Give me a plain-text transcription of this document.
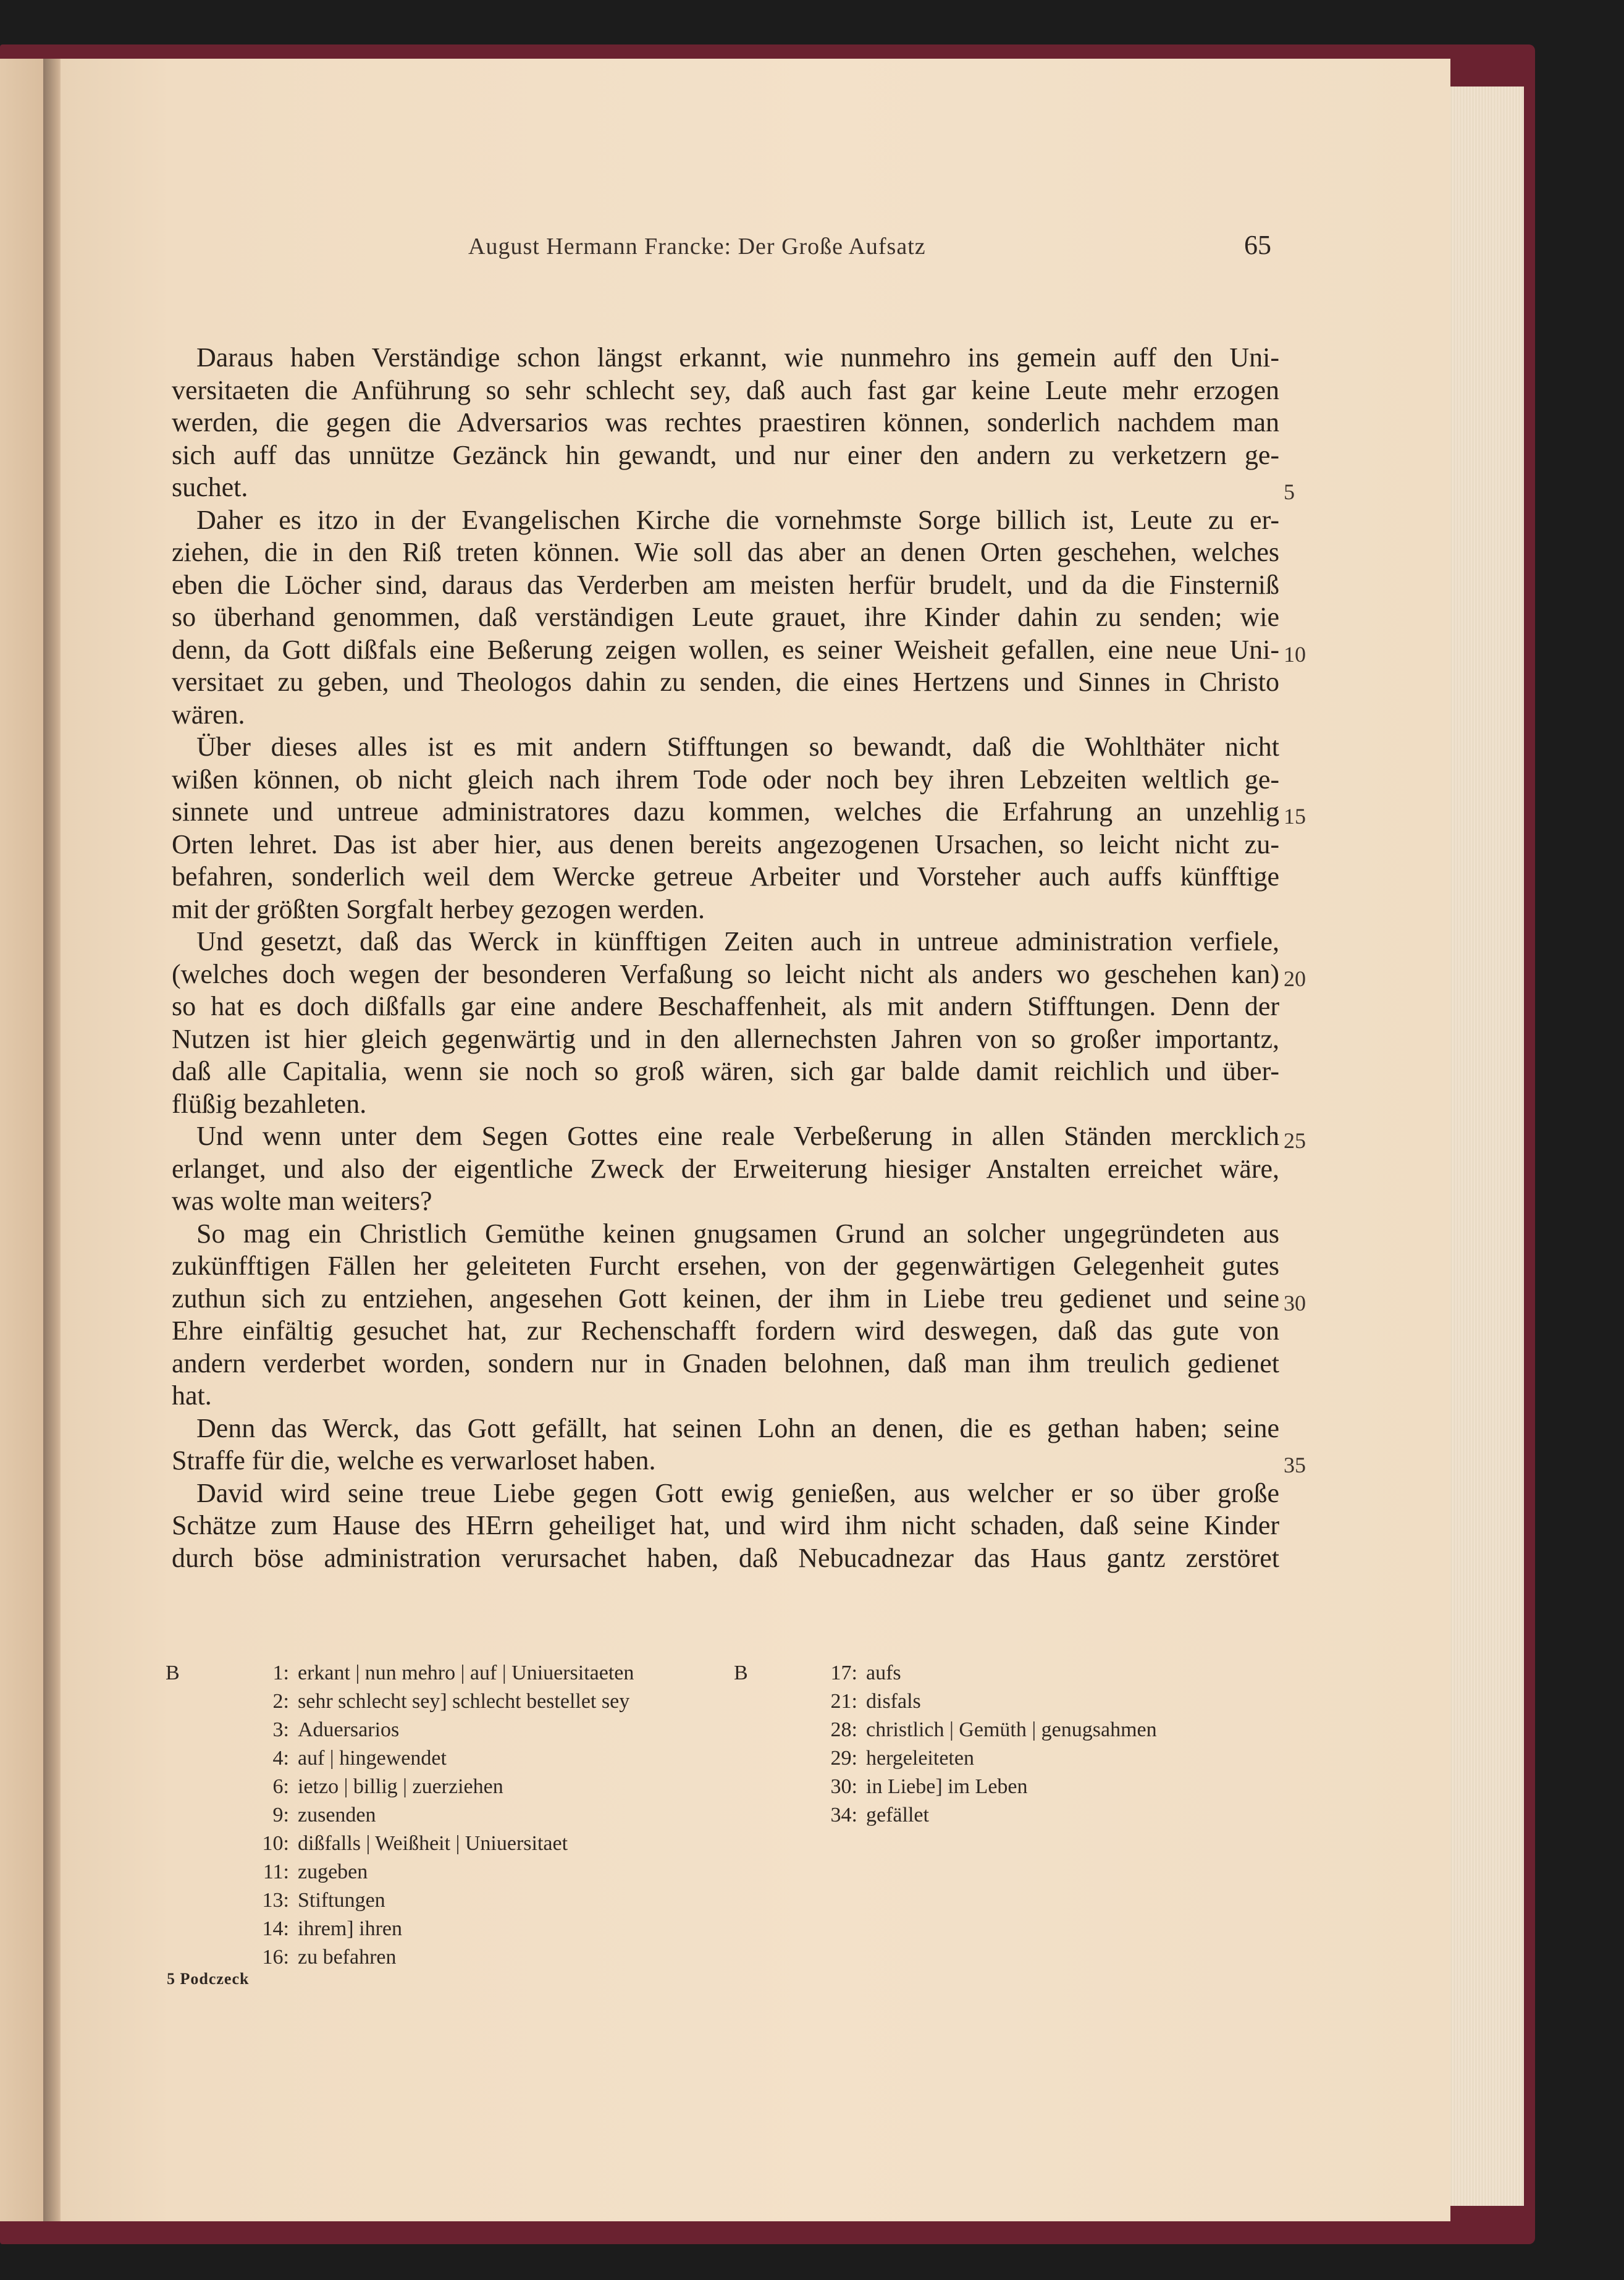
August Hermann Francke: Der Große Aufsatz	65
Daraus haben Verständige schon längst erkannt, wie nunmehro ins gemein auff den Uni-
versitaeten die Anführung so sehr schlecht sey, daß auch fast gar keine Leute mehr erzogen
werden, die gegen die Adversarios was rechtes praestiren können, sonderlich nachdem man
sich auff das unnütze Gezänck hin gewandt, und nur einer den andern zu verketzern ge-
suchet.
Daher es itzo in der Evangelischen Kirche die vornehmste Sorge billich ist, Leute zu er-
ziehen, die in den Riß treten können. Wie soll das aber an denen Orten geschehen, welches
eben die Löcher sind, daraus das Verderben am meisten herfür brudelt, und da die Finsterniß
so überhand genommen, daß verständigen Leute grauet, ihre Kinder dahin zu senden; wie
denn, da Gott dißfals eine Beßerung zeigen wollen, es seiner Weisheit gefallen, eine neue Uni-
versitaet zu geben, und Theologos dahin zu senden, die eines Hertzens und Sinnes in Christo
wären.
Über dieses alles ist es mit andern Stifftungen so bewandt, daß die Wohlthäter nicht
wißen können, ob nicht gleich nach ihrem Tode oder noch bey ihren Lebzeiten weltlich ge-
sinnete und untreue administratores dazu kommen, welches die Erfahrung an unzehlig
Orten lehret. Das ist aber hier, aus denen bereits angezogenen Ursachen, so leicht nicht zu-
befahren, sonderlich weil dem Wercke getreue Arbeiter und Vorsteher auch auffs künfftige
mit der größten Sorgfalt herbey gezogen werden.
Und gesetzt, daß das Werck in künfftigen Zeiten auch in untreue administration verfiele,
(welches doch wegen der besonderen Verfaßung so leicht nicht als anders wo geschehen kan)
so hat es doch dißfalls gar eine andere Beschaffenheit, als mit andern Stifftungen. Denn der
Nutzen ist hier gleich gegenwärtig und in den allernechsten Jahren von so großer importantz,
daß alle Capitalia, wenn sie noch so groß wären, sich gar balde damit reichlich und über-
flüßig bezahleten.
Und wenn unter dem Segen Gottes eine reale Verbeßerung in allen Ständen mercklich
erlanget, und also der eigentliche Zweck der Erweiterung hiesiger Anstalten erreichet wäre,
was wolte man weiters?
So mag ein Christlich Gemüthe keinen gnugsamen Grund an solcher ungegründeten aus
zukünfftigen Fällen her geleiteten Furcht ersehen, von der gegenwärtigen Gelegenheit gutes
zuthun sich zu entziehen, angesehen Gott keinen, der ihm in Liebe treu gedienet und seine
Ehre einfältig gesuchet hat, zur Rechenschafft fordern wird deswegen, daß das gute von
andern verderbet worden, sondern nur in Gnaden belohnen, daß man ihm treulich gedienet
hat.
Denn das Werck, das Gott gefällt, hat seinen Lohn an denen, die es gethan haben; seine
Straffe für die, welche es verwarloset haben.
David wird seine treue Liebe gegen Gott ewig genießen, aus welcher er so über große
Schätze zum Hause des HErrn geheiliget hat, und wird ihm nicht schaden, daß seine Kinder
durch böse administration verursachet haben, daß Nebucadnezar das Haus gantz zerstöret
5
10
15
20
25
30
35
B	1: erkant | nun mehro | auf | Uniuersitaeten
2: sehr schlecht sey] schlecht bestellet sey
3: Aduersarios
4: auf | hingewendet
6: ietzo | billig | zuerziehen
9: zusenden
10: dißfalls | Weißheit | Uniuersitaet
11: zugeben
13: Stiftungen
14: ihrem] ihren
16: zu befahren
B	17: aufs
21: disfals
28: christlich | Gemüth | genugsahmen
29: hergeleiteten
30: in Liebe] im Leben
34: gefället
5 Podczeck
